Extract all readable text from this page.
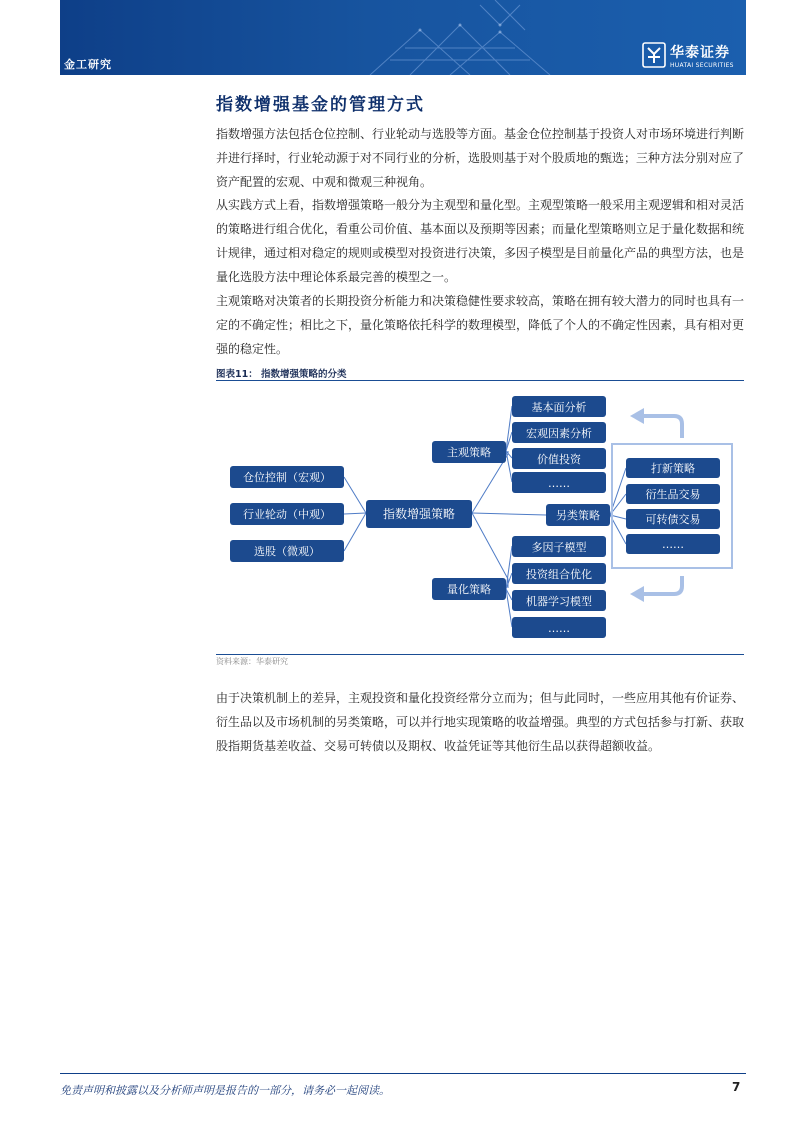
金工研究
华泰证券
HUATAI SECURITIES
指数增强基金的管理方式

指数增强方法包括仓位控制、行业轮动与选股等方面。基金仓位控制基于投资人对市场环境进行判断并进行择时，行业轮动源于对不同行业的分析，选股则基于对个股质地的甄选；三种方法分别对应了资产配置的宏观、中观和微观三种视角。

从实践方式上看，指数增强策略一般分为主观型和量化型。主观型策略一般采用主观逻辑和相对灵活的策略进行组合优化，看重公司价值、基本面以及预期等因素；而量化型策略则立足于量化数据和统计规律，通过相对稳定的规则或模型对投资进行决策，多因子模型是目前量化产品的典型方法，也是量化选股方法中理论体系最完善的模型之一。

主观策略对决策者的长期投资分析能力和决策稳健性要求较高，策略在拥有较大潜力的同时也具有一定的不确定性；相比之下，量化策略依托科学的数理模型，降低了个人的不确定性因素，具有相对更强的稳定性。

图表11： 指数增强策略的分类
仓位控制（宏观）
行业轮动（中观）
选股（微观）
指数增强策略
主观策略
基本面分析
宏观因素分析
价值投资
……
另类策略
打新策略
衍生品交易
可转债交易
……
量化策略
多因子模型
投资组合优化
机器学习模型
……
资料来源：华泰研究

由于决策机制上的差异，主观投资和量化投资经常分立而为；但与此同时，一些应用其他有价证券、衍生品以及市场机制的另类策略，可以并行地实现策略的收益增强。典型的方式包括参与打新、获取股指期货基差收益、交易可转债以及期权、收益凭证等其他衍生品以获得超额收益。

免责声明和披露以及分析师声明是报告的一部分，请务必一起阅读。	7
